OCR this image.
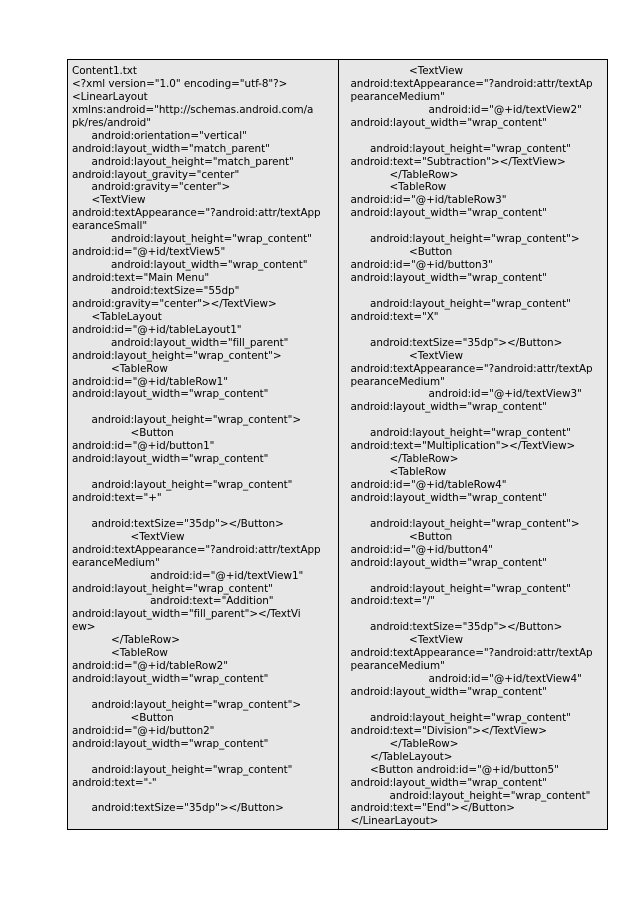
Content1.txt
<?xml version="1.0" encoding="utf-8"?>
<LinearLayout
xmlns:android="http://schemas.android.com/a
pk/res/android"
android:orientation="vertical"
android:layout_width="match_parent"
android:layout_height="match_parent"
android:layout_gravity="center"
android:gravity="center">
<TextView
android:textAppearance="?android:attr/textApp
earanceSmall"
android:layout_height="wrap_content"
android:id="@+id/textView5"
android:layout_width="wrap_content"
android:text="Main Menu"
android:textSize="55dp"
android:gravity="center"></TextView>
<TableLayout
android:id="@+id/tableLayout1"
android:layout_width="fill_parent"
android:layout_height="wrap_content">
<TableRow
android:id="@+id/tableRow1"
android:layout_width="wrap_content"
android:layout_height="wrap_content">
<Button
android:id="@+id/button1"
android:layout_width="wrap_content"
android:layout_height="wrap_content"
android:text="+"
android:textSize="35dp"></Button>
<TextView
android:textAppearance="?android:attr/textApp
earanceMedium"
android:id="@+id/textView1"
android:layout_height="wrap_content"
android:text="Addition"
android:layout_width="fill_parent"></TextVi
ew>
</TableRow>
<TableRow
android:id="@+id/tableRow2"
android:layout_width="wrap_content"
android:layout_height="wrap_content">
<Button
android:id="@+id/button2"
android:layout_width="wrap_content"
android:layout_height="wrap_content"
android:text="-"
android:textSize="35dp"></Button>
<TextView
android:textAppearance="?android:attr/textAp
pearanceMedium"
android:id="@+id/textView2"
android:layout_width="wrap_content"
android:layout_height="wrap_content"
android:text="Subtraction"></TextView>
</TableRow>
<TableRow
android:id="@+id/tableRow3"
android:layout_width="wrap_content"
android:layout_height="wrap_content">
<Button
android:id="@+id/button3"
android:layout_width="wrap_content"
android:layout_height="wrap_content"
android:text="X"
android:textSize="35dp"></Button>
<TextView
android:textAppearance="?android:attr/textAp
pearanceMedium"
android:id="@+id/textView3"
android:layout_width="wrap_content"
android:layout_height="wrap_content"
android:text="Multiplication"></TextView>
</TableRow>
<TableRow
android:id="@+id/tableRow4"
android:layout_width="wrap_content"
android:layout_height="wrap_content">
<Button
android:id="@+id/button4"
android:layout_width="wrap_content"
android:layout_height="wrap_content"
android:text="/"
android:textSize="35dp"></Button>
<TextView
android:textAppearance="?android:attr/textAp
pearanceMedium"
android:id="@+id/textView4"
android:layout_width="wrap_content"
android:layout_height="wrap_content"
android:text="Division"></TextView>
</TableRow>
</TableLayout>
<Button android:id="@+id/button5"
android:layout_width="wrap_content"
android:layout_height="wrap_content"
android:text="End"></Button>
</LinearLayout>
